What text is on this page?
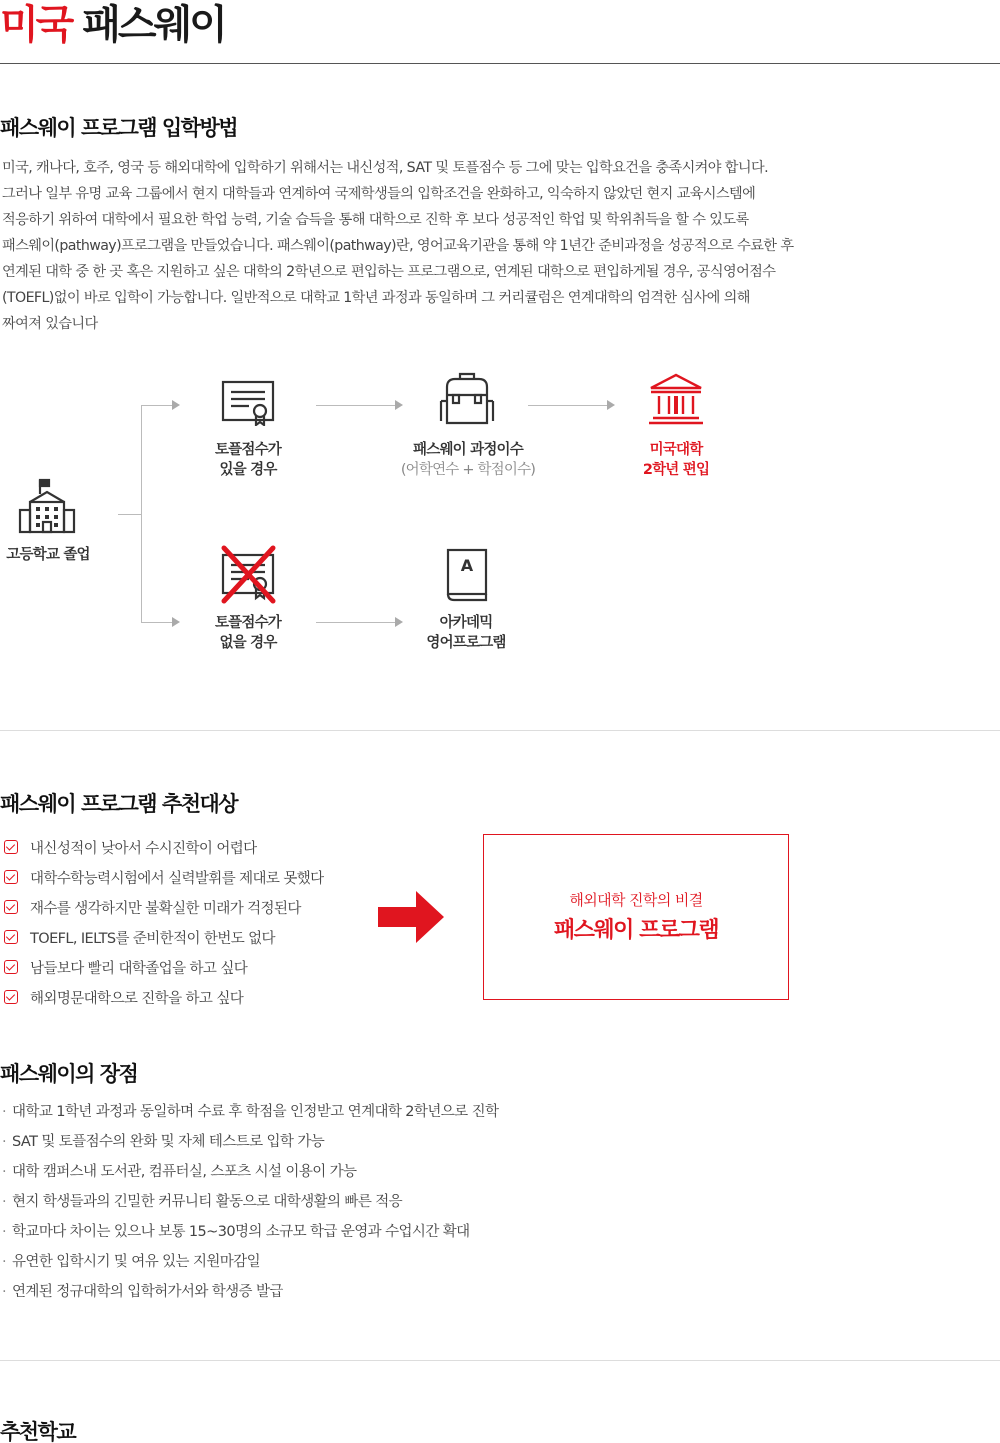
미국 패스웨이
패스웨이 프로그램 입학방법

미국, 캐나다, 호주, 영국 등 해외대학에 입학하기 위해서는 내신성적, SAT 및 토플점수 등 그에 맞는 입학요건을 충족시켜야 합니다.
그러나 일부 유명 교육 그룹에서 현지 대학들과 연계하여 국제학생들의 입학조건을 완화하고, 익숙하지 않았던 현지 교육시스템에
적응하기 위하여 대학에서 필요한 학업 능력, 기술 습득을 통해 대학으로 진학 후 보다 성공적인 학업 및 학위취득을 할 수 있도록
패스웨이(pathway)프로그램을 만들었습니다. 패스웨이(pathway)란, 영어교육기관을 통해 약 1년간 준비과정을 성공적으로 수료한 후
연계된 대학 중 한 곳 혹은 지원하고 싶은 대학의 2학년으로 편입하는 프로그램으로, 연계된 대학으로 편입하게될 경우, 공식영어점수
(TOEFL)없이 바로 입학이 가능합니다. 일반적으로 대학교 1학년 과정과 동일하며 그 커리큘럼은 연계대학의 엄격한 심사에 의해
짜여져 있습니다

고등학교 졸업
토플점수가
있을 경우
패스웨이 과정이수
(어학연수 + 학점이수)
미국대학
2학년 편입
토플점수가
없을 경우
A
아카데믹
영어프로그램
패스웨이 프로그램 추천대상
내신성적이 낮아서 수시진학이 어렵다
대학수학능력시험에서 실력발휘를 제대로 못했다
재수를 생각하지만 불확실한 미래가 걱정된다
TOEFL, IELTS를 준비한적이 한번도 없다
남들보다 빨리 대학졸업을 하고 싶다
해외명문대학으로 진학을 하고 싶다
해외대학 진학의 비결
패스웨이 프로그램
패스웨이의 장점
· 대학교 1학년 과정과 동일하며 수료 후 학점을 인정받고 연계대학 2학년으로 진학
· SAT 및 토플점수의 완화 및 자체 테스트로 입학 가능
· 대학 캠퍼스내 도서관, 컴퓨터실, 스포츠 시설 이용이 가능
· 현지 학생들과의 긴밀한 커뮤니티 활동으로 대학생활의 빠른 적응
· 학교마다 차이는 있으나 보통 15~30명의 소규모 학급 운영과 수업시간 확대
· 유연한 입학시기 및 여유 있는 지원마감일
· 연계된 정규대학의 입학허가서와 학생증 발급
추천학교
